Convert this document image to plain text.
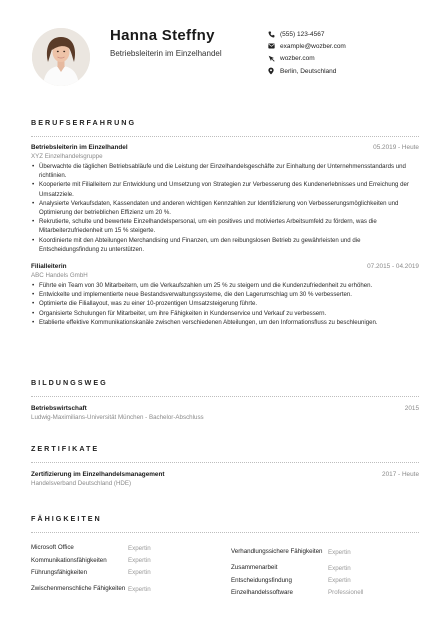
Hanna Steffny
Betriebsleiterin im Einzelhandel
(555) 123-4567
example@wozber.com
wozber.com
Berlin, Deutschland
BERUFSERFAHRUNG
Betriebsleiterin im Einzelhandel	05.2019 - Heute
XYZ Einzelhandelsgruppe
• Überwachte die täglichen Betriebsabläufe und die Leistung der Einzelhandelsgeschäfte zur Einhaltung der Unternehmensstandards und richtlinien.
• Kooperierte mit Filialleitern zur Entwicklung und Umsetzung von Strategien zur Verbesserung des Kundenerlebnisses und Erreichung der Umsatzziele.
• Analysierte Verkaufsdaten, Kassendaten und anderen wichtigen Kennzahlen zur Identifizierung von Verbesserungsmöglichkeiten und Optimierung der betrieblichen Effizienz um 20 %.
• Rekrutierte, schulte und bewertete Einzelhandelspersonal, um ein positives und motiviertes Arbeitsumfeld zu fördern, was die Mitarbeiterzufriedenheit um 15 % steigerte.
• Koordinierte mit den Abteilungen Merchandising und Finanzen, um den reibungslosen Betrieb zu gewährleisten und die Entscheidungsfindung zu unterstützen.
Filialleiterin	07.2015 - 04.2019
ABC Handels GmbH
• Führte ein Team von 30 Mitarbeitern, um die Verkaufszahlen um 25 % zu steigern und die Kundenzufriedenheit zu erhöhen.
• Entwickelte und implementierte neue Bestandsverwaltungssysteme, die den Lagerumschlag um 30 % verbesserten.
• Optimierte die Filiallayout, was zu einer 10-prozentigen Umsatzsteigerung führte.
• Organisierte Schulungen für Mitarbeiter, um ihre Fähigkeiten in Kundenservice und Verkauf zu verbessern.
• Etablierte effektive Kommunikationskanäle zwischen verschiedenen Abteilungen, um den Informationsfluss zu beschleunigen.
BILDUNGSWEG
Betriebswirtschaft	2015
Ludwig-Maximilians-Universität München - Bachelor-Abschluss
ZERTIFIKATE
Zertifizierung im Einzelhandelsmanagement	2017 - Heute
Handelsverband Deutschland (HDE)
FÄHIGKEITEN
Microsoft Office	Expertin
Kommunikationsfähigkeiten	Expertin
Führungsfähigkeiten	Expertin
Zwischenmenschliche Fähigkeiten Expertin
Verhandlungssichere Fähigkeiten Expertin
Zusammenarbeit	Expertin
Entscheidungsfindung	Expertin
Einzelhandelssoftware	Professionell
